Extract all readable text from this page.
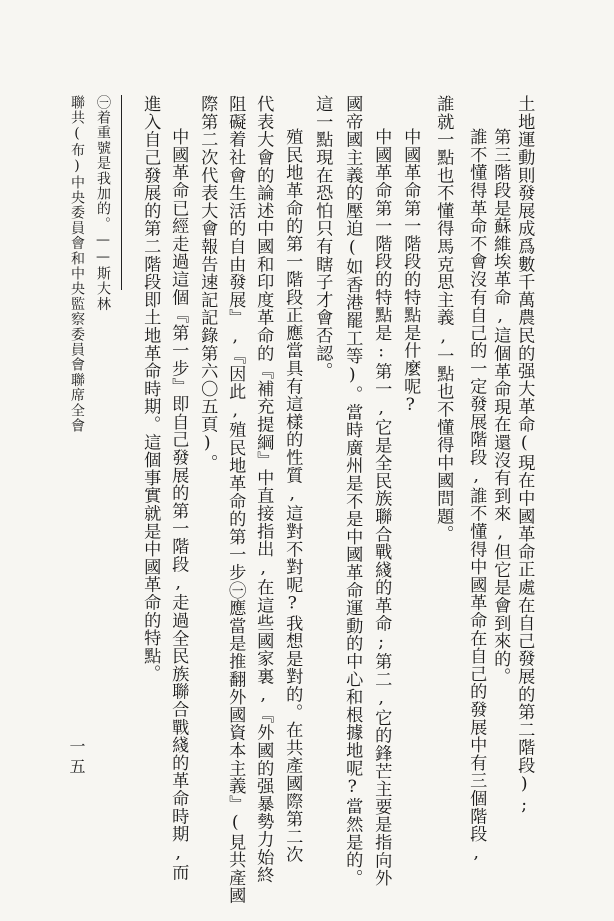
土地運動則發展成爲數千萬農民的强大革命(現在中國革命正處在自己發展的第二階段);
第三階段是蘇維埃革命,這個革命現在還沒有到來,但它是會到來的。
誰不懂得革命不會沒有自己的一定發展階段,誰不懂得中國革命在自己的發展中有三個階段,
誰就一點也不懂得馬克思主義,一點也不懂得中國問題。
中國革命第一階段的特點是什麼呢?
中國革命第一階段的特點是:第一,它是全民族聯合戰綫的革命;第二,它的鋒芒主要是指向外
國帝國主義的壓迫(如香港罷工等)。當時廣州是不是中國革命運動的中心和根據地呢?當然是的。
這一點現在恐怕只有瞎子才會否認。
殖民地革命的第一階段正應當具有這樣的性質,這對不對呢?我想是對的。在共產國際第二次
代表大會的論述中國和印度革命的『補充提綱』中直接指出,在這些國家裏,『外國的强暴勢力始終
阻礙着社會生活的自由發展』,『因此,殖民地革命的第一步㊀應當是推翻外國資本主義』(見共產國
際第二次代表大會報告速記記錄第六〇五頁)。
中國革命已經走過這個『第一步』即自己發展的第一階段,走過全民族聯合戰綫的革命時期,而
進入自己發展的第二階段即土地革命時期。這個事實就是中國革命的特點。
㊀着重號是我加的。——斯大林
聯共(布)中央委員會和中央監察委員會聯席全會
一五
